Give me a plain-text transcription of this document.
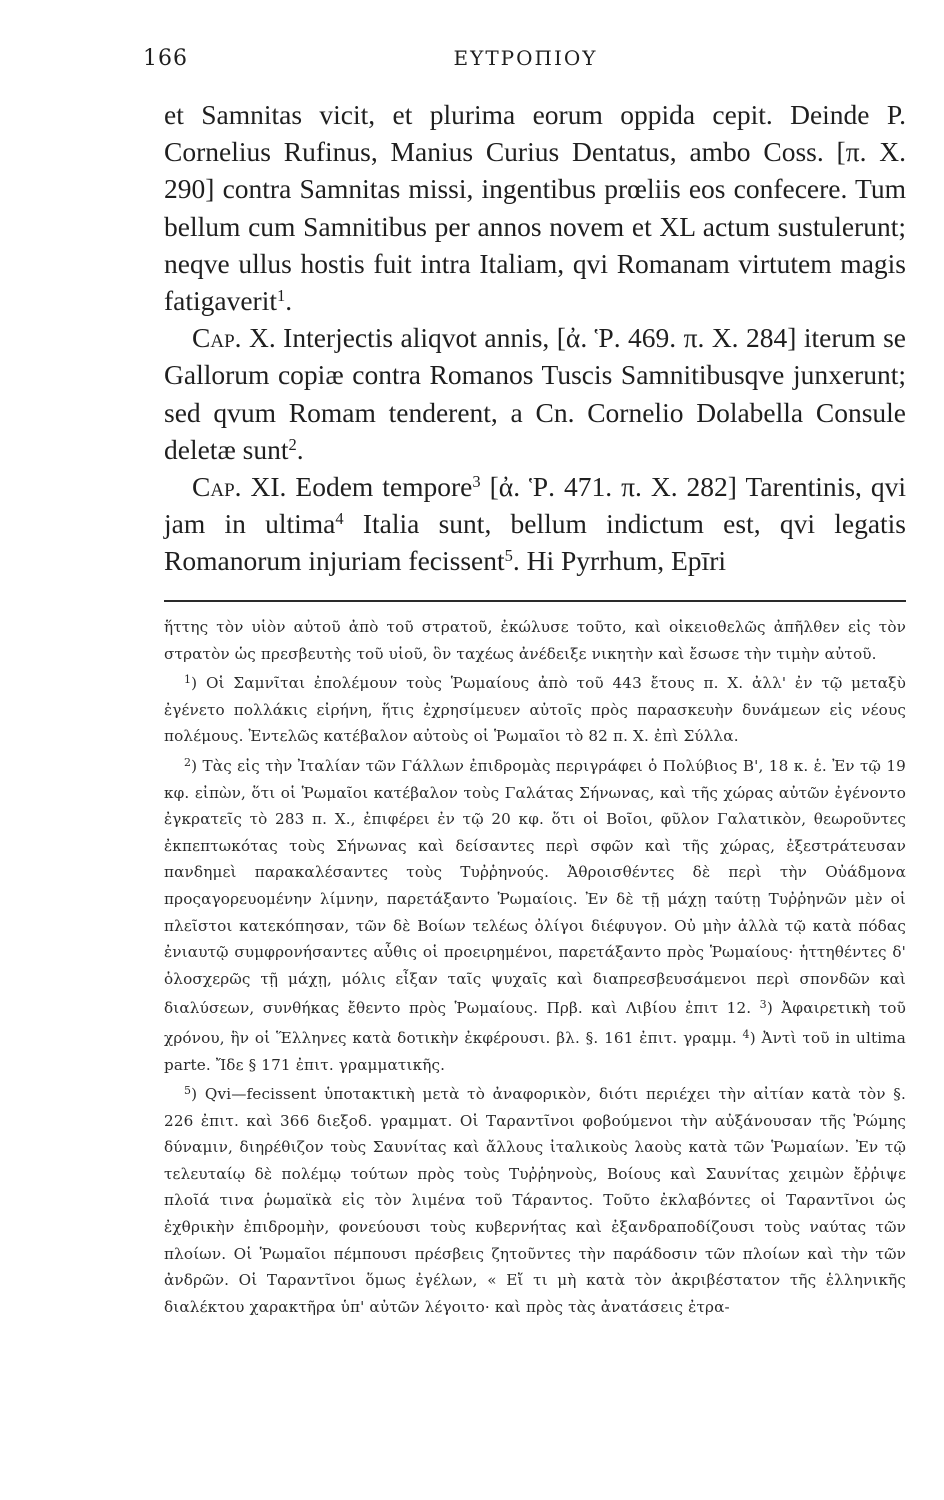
166	ΕΥΤΡΟΠΙΟΥ

et Samnitas vicit, et plurima eorum oppida cepit. Deinde P. Cornelius Rufinus, Manius Curius Dentatus, ambo Coss. [π. Χ. 290] contra Samnitas missi, ingentibus prœliis eos confecere. Tum bellum cum Samnitibus per annos novem et XL actum sustulerunt; neqve ullus hostis fuit intra Italiam, qvi Romanam virtutem magis fatigaverit$^1$.

Cap. X. Interjectis aliqvot annis, [ἀ. Ῥ. 469. π. Χ. 284] iterum se Gallorum copiæ contra Romanos Tuscis Samnitibusqve junxerunt; sed qvum Romam tenderent, a Cn. Cornelio Dolabella Consule deletæ sunt$^2$.

Cap. XI. Eodem tempore$^3$ [ἀ. Ῥ. 471. π. Χ. 282] Tarentinis, qvi jam in ultima$^4$ Italia sunt, bellum indictum est, qvi legatis Romanorum injuriam fecissent$^5$. Hi Pyrrhum, Epīri

ἥττης τὸν υἱὸν αὐτοῦ ἀπὸ τοῦ στρατοῦ, ἐκώλυσε τοῦτο, καὶ οἰκειοθελῶς ἀπῆλθεν εἰς τὸν στρατὸν ὡς πρεσβευτὴς τοῦ υἱοῦ, ὃν ταχέως ἀνέδειξε νικητὴν καὶ ἔσωσε τὴν τιμὴν αὐτοῦ.

$^1$) Οἱ Σαμνῖται ἐπολέμουν τοὺς Ῥωμαίους ἀπὸ τοῦ 443 ἔτους π. Χ. ἀλλ' ἐν τῷ μεταξὺ ἐγένετο πολλάκις εἰρήνη, ἥτις ἐχρησίμευεν αὐτοῖς πρὸς παρασκευὴν δυνάμεων εἰς νέους πολέμους. Ἐντελῶς κατέβαλον αὐτοὺς οἱ Ῥωμαῖοι τὸ 82 π. Χ. ἐπὶ Σύλλα.

$^2$) Τὰς εἰς τὴν Ἰταλίαν τῶν Γάλλων ἐπιδρομὰς περιγράφει ὁ Πολύβιος Β', 18 κ. ἑ. Ἐν τῷ 19 κφ. εἰπὼν, ὅτι οἱ Ῥωμαῖοι κατέβαλον τοὺς Γαλάτας Σήνωνας, καὶ τῆς χώρας αὐτῶν ἐγένοντο ἐγκρατεῖς τὸ 283 π. Χ., ἐπιφέρει ἐν τῷ 20 κφ. ὅτι οἱ Βοῖοι, φῦλον Γαλατικὸν, θεωροῦντες ἐκπεπτωκότας τοὺς Σήνωνας καὶ δείσαντες περὶ σφῶν καὶ τῆς χώρας, ἐξεστράτευσαν πανδημεὶ παρακαλέσαντες τοὺς Τυῤῥηνούς. Ἀθροισθέντες δὲ περὶ τὴν Οὐάδμονα προςαγορευομένην λίμνην, παρετάξαντο Ῥωμαίοις. Ἐν δὲ τῇ μάχῃ ταύτῃ Τυῤῥηνῶν μὲν οἱ πλεῖστοι κατεκόπησαν, τῶν δὲ Βοίων τελέως ὀλίγοι διέφυγον. Οὐ μὴν ἀλλὰ τῷ κατὰ πόδας ἐνιαυτῷ συμφρονήσαντες αὖθις οἱ προειρημένοι, παρετάξαντο πρὸς Ῥωμαίους· ἡττηθέντες δ' ὁλοσχερῶς τῇ μάχῃ, μόλις εἶξαν ταῖς ψυχαῖς καὶ διαπρεσβευσάμενοι περὶ σπονδῶν καὶ διαλύσεων, συνθήκας ἔθεντο πρὸς Ῥωμαίους. Πρβ. καὶ Λιβίου ἐπιτ 12. $^3$) Ἀφαιρετικὴ τοῦ χρόνου, ἣν οἱ Ἕλληνες κατὰ δοτικὴν ἐκφέρουσι. βλ. §. 161 ἐπιτ. γραμμ. $^4$) Ἀντὶ τοῦ in ultima parte. Ἴδε § 171 ἐπιτ. γραμματικῆς.

$^5$) Qvi—fecissent ὑποτακτικὴ μετὰ τὸ ἀναφορικὸν, διότι περιέχει τὴν αἰτίαν κατὰ τὸν §. 226 ἐπιτ. καὶ 366 διεξοδ. γραμματ. Οἱ Ταραντῖνοι φοβούμενοι τὴν αὐξάνουσαν τῆς Ῥώμης δύναμιν, διηρέθιζον τοὺς Σαυνίτας καὶ ἄλλους ἰταλικοὺς λαοὺς κατὰ τῶν Ῥωμαίων. Ἐν τῷ τελευταίῳ δὲ πολέμῳ τούτων πρὸς τοὺς Τυῤῥηνοὺς, Βοίους καὶ Σαυνίτας χειμὼν ἔῤῥιψε πλοῖά τινα ῥωμαϊκὰ εἰς τὸν λιμένα τοῦ Τάραντος. Τοῦτο ἐκλαβόντες οἱ Ταραντῖνοι ὡς ἐχθρικὴν ἐπιδρομὴν, φονεύουσι τοὺς κυβερνήτας καὶ ἐξανδραποδίζουσι τοὺς ναύτας τῶν πλοίων. Οἱ Ῥωμαῖοι πέμπουσι πρέσβεις ζητοῦντες τὴν παράδοσιν τῶν πλοίων καὶ τὴν τῶν ἀνδρῶν. Οἱ Ταραντῖνοι ὅμως ἐγέλων, « Εἴ τι μὴ κατὰ τὸν ἀκριβέστατον τῆς ἑλληνικῆς διαλέκτου χαρακτῆρα ὑπ' αὐτῶν λέγοιτο· καὶ πρὸς τὰς ἀνατάσεις ἐτρα-
